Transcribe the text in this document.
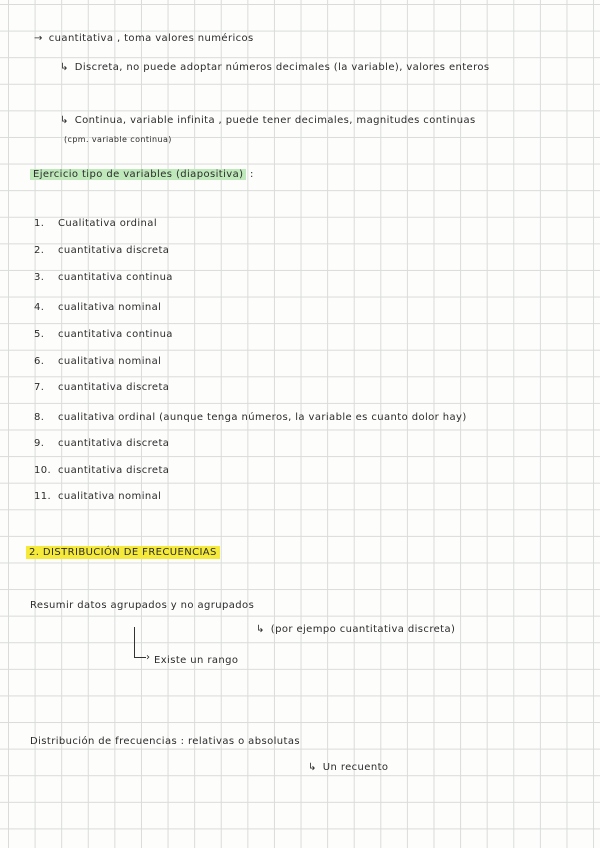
→ cuantitativa , toma valores numéricos
↳ Discreta, no puede adoptar números decimales (la variable), valores enteros
↳ Continua, variable infinita , puede tener decimales, magnitudes continuas
(cpm. variable continua)
Ejercicio tipo de variables (diapositiva) :
1. Cualitativa ordinal
2. cuantitativa discreta
3. cuantitativa continua
4. cualitativa nominal
5. cuantitativa continua
6. cualitativa nominal
7. cuantitativa discreta
8. cualitativa ordinal (aunque tenga números, la variable es cuanto dolor hay)
9. cuantitativa discreta
10. cuantitativa discreta
11. cualitativa nominal
2. DISTRIBUCIÓN DE FRECUENCIAS
Resumir datos agrupados y no agrupados
↳ (por ejempo cuantitativa discreta)
› Existe un rango
Distribución de frecuencias : relativas o absolutas
↳ Un recuento
